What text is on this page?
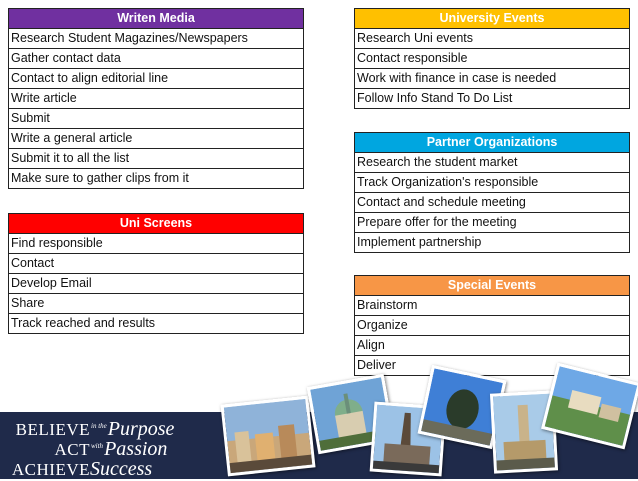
Writen Media
Research Student Magazines/Newspapers
Gather contact data
Contact to align editorial line
Write article
Submit
Write a general article
Submit it to all the list
Make sure to gather clips from it
University Events
Research Uni events
Contact responsible
Work with finance in case is needed
Follow Info Stand To Do List
Partner Organizations
Research the student market
Track Organization's responsible
Contact and schedule meeting
Prepare offer for the meeting
Implement partnership
Uni Screens
Find responsible
Contact
Develop Email
Share
Track reached and results
Special Events
Brainstorm
Organize
Align
Deliver
BELIEVE in the Purpose
ACT with Passion
ACHIEVE Success
